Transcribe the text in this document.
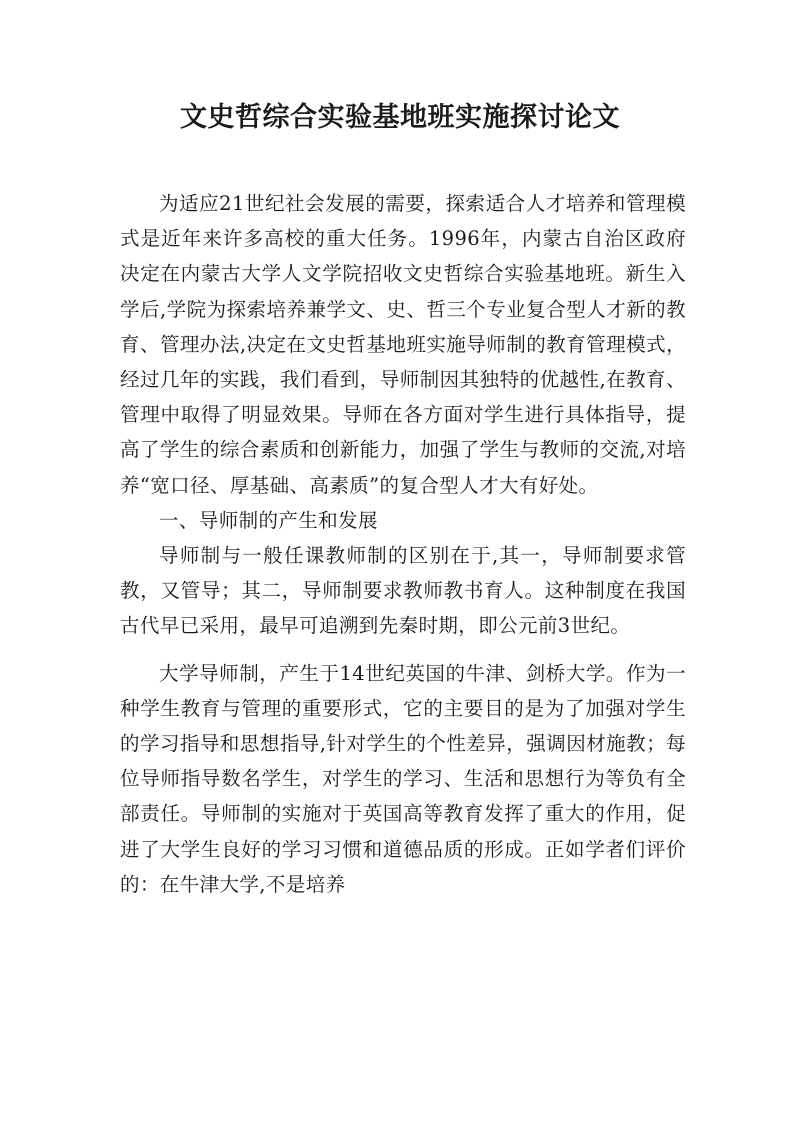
文史哲综合实验基地班实施探讨论文

为适应21世纪社会发展的需要，探索适合人才培养和管理模式是近年来许多高校的重大任务。1996年，内蒙古自治区政府决定在内蒙古大学人文学院招收文史哲综合实验基地班。新生入学后,学院为探索培养兼学文、史、哲三个专业复合型人才新的教育、管理办法,决定在文史哲基地班实施导师制的教育管理模式，经过几年的实践，我们看到，导师制因其独特的优越性,在教育、管理中取得了明显效果。导师在各方面对学生进行具体指导，提高了学生的综合素质和创新能力，加强了学生与教师的交流,对培养“宽口径、厚基础、高素质”的复合型人才大有好处。

一、导师制的产生和发展

导师制与一般任课教师制的区别在于,其一，导师制要求管教，又管导；其二，导师制要求教师教书育人。这种制度在我国古代早已采用，最早可追溯到先秦时期，即公元前3世纪。

大学导师制，产生于14世纪英国的牛津、剑桥大学。作为一种学生教育与管理的重要形式，它的主要目的是为了加强对学生的学习指导和思想指导,针对学生的个性差异，强调因材施教；每位导师指导数名学生，对学生的学习、生活和思想行为等负有全部责任。导师制的实施对于英国高等教育发挥了重大的作用，促进了大学生良好的学习习惯和道德品质的形成。正如学者们评价的：在牛津大学,不是培养
